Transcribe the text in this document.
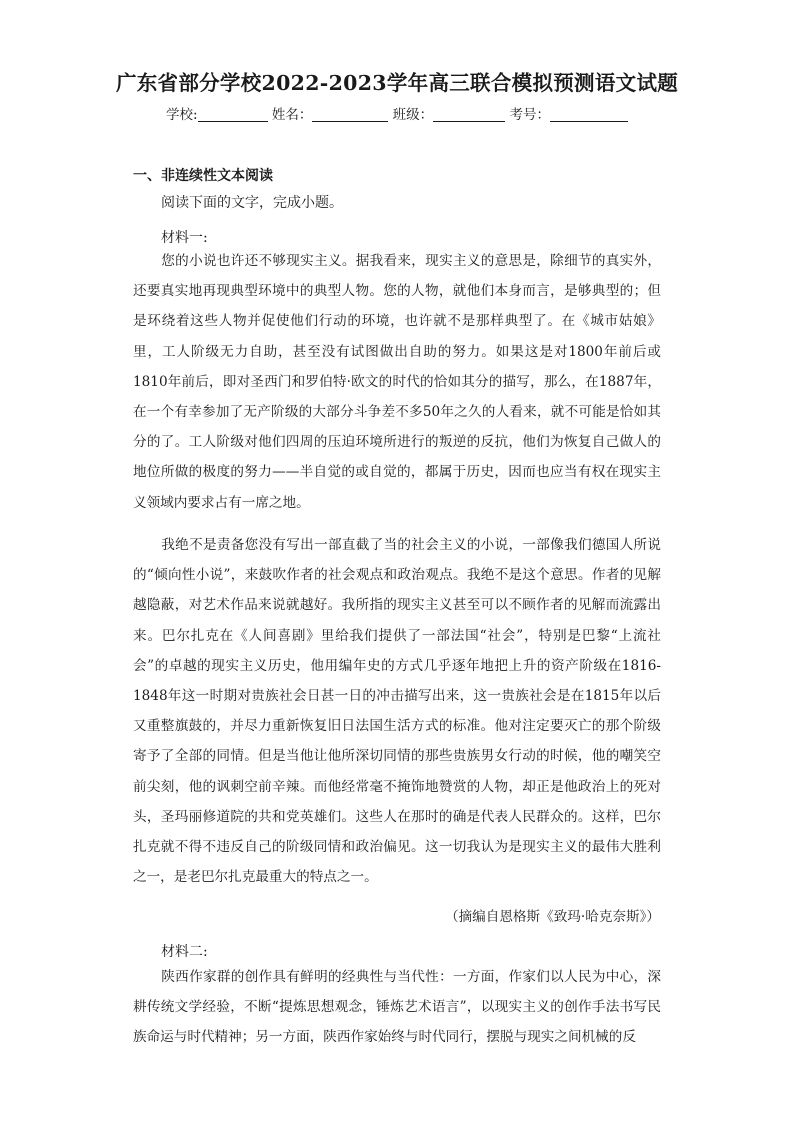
广东省部分学校2022-2023学年高三联合模拟预测语文试题
学校:	姓名：	班级：	考号：
一、非连续性文本阅读
阅读下面的文字，完成小题。
材料一:
您的小说也许还不够现实主义。据我看来，现实主义的意思是，除细节的真实外，还要真实地再现典型环境中的典型人物。您的人物，就他们本身而言，是够典型的；但是环绕着这些人物并促使他们行动的环境，也许就不是那样典型了。在《城市姑娘》里，工人阶级无力自助，甚至没有试图做出自助的努力。如果这是对1800年前后或1810年前后，即对圣西门和罗伯特·欧文的时代的恰如其分的描写，那么，在1887年，在一个有幸参加了无产阶级的大部分斗争差不多50年之久的人看来，就不可能是恰如其分的了。工人阶级对他们四周的压迫环境所进行的叛逆的反抗，他们为恢复自己做人的地位所做的极度的努力——半自觉的或自觉的，都属于历史，因而也应当有权在现实主义领域内要求占有一席之地。
我绝不是责备您没有写出一部直截了当的社会主义的小说，一部像我们德国人所说的“倾向性小说”，来鼓吹作者的社会观点和政治观点。我绝不是这个意思。作者的见解越隐蔽，对艺术作品来说就越好。我所指的现实主义甚至可以不顾作者的见解而流露出来。巴尔扎克在《人间喜剧》里给我们提供了一部法国“社会”，特别是巴黎“上流社会”的卓越的现实主义历史，他用编年史的方式几乎逐年地把上升的资产阶级在1816-1848年这一时期对贵族社会日甚一日的冲击描写出来，这一贵族社会是在1815年以后又重整旗鼓的，并尽力重新恢复旧日法国生活方式的标准。他对注定要灭亡的那个阶级寄予了全部的同情。但是当他让他所深切同情的那些贵族男女行动的时候，他的嘲笑空前尖刻，他的讽刺空前辛辣。而他经常毫不掩饰地赞赏的人物，却正是他政治上的死对头，圣玛丽修道院的共和党英雄们。这些人在那时的确是代表人民群众的。这样，巴尔扎克就不得不违反自己的阶级同情和政治偏见。这一切我认为是现实主义的最伟大胜利之一，是老巴尔扎克最重大的特点之一。
（摘编自恩格斯《致玛·哈克奈斯》）
材料二:
陕西作家群的创作具有鲜明的经典性与当代性：一方面，作家们以人民为中心，深耕传统文学经验，不断“提炼思想观念，锤炼艺术语言”，以现实主义的创作手法书写民族命运与时代精神；另一方面，陕西作家始终与时代同行，摆脱与现实之间机械的反
